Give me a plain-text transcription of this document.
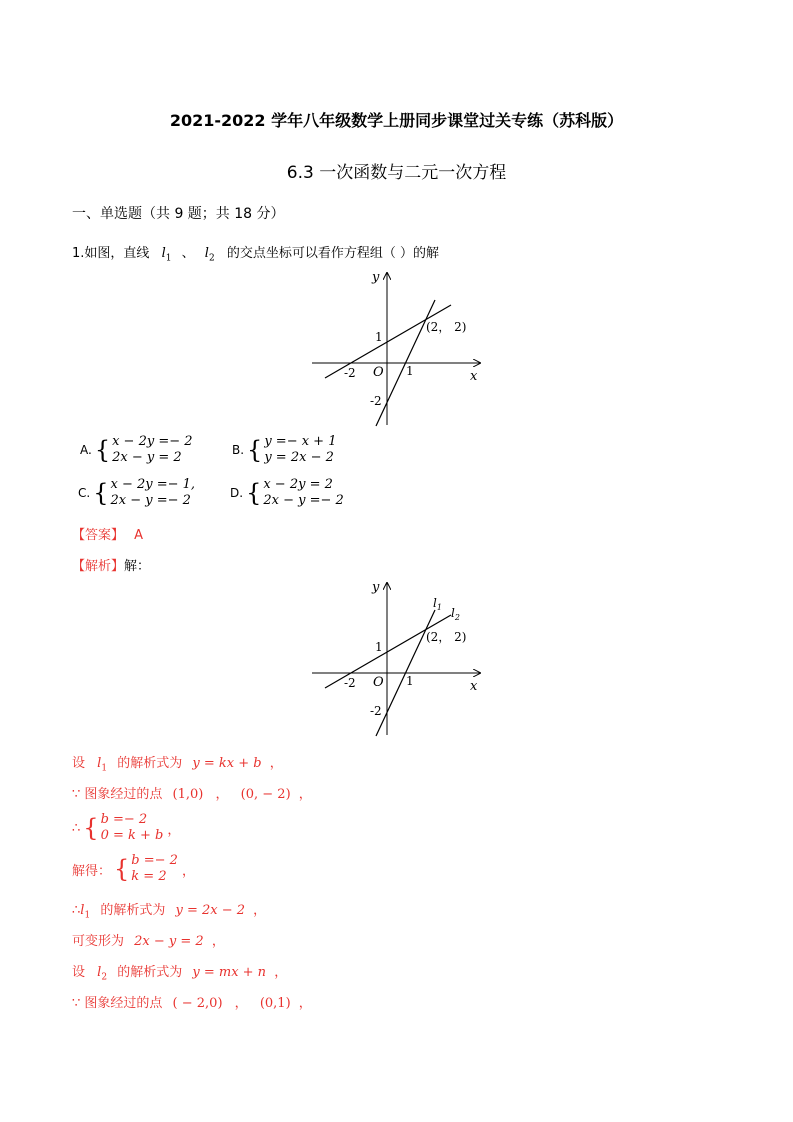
2021-2022 学年八年级数学上册同步课堂过关专练（苏科版）
6.3 一次函数与二元一次方程
一、单选题（共 9 题；共 18 分）
1.如图，直线 $l_1$ 、 $l_2$ 的交点坐标可以看作方程组（ ）的解
y
x
O
-2	1
1
-2
(2， 2)
A. { x − 2y =− 2
2x − y = 2	B. { y =− x + 1
y = 2x − 2
C. { x − 2y =− 1,
2x − y =− 2	D. { x − 2y = 2
2x − y =− 2
【答案】 A
【解析】解：
y
x
O
-2	1
1
-2
(2， 2)
$l_1$ $l_2$
设 $l_1$ 的解析式为 y = kx + b ，
∵ 图象经过的点 (1,0) ， (0, − 2) ，
∴ { b =− 2
0 = k + b ，
解得： { b =− 2
k = 2	，
$\therefore l_1$ 的解析式为 y = 2x − 2 ，
可变形为 2x − y = 2 ，
设 $l_2$ 的解析式为 y = mx + n ，
∵ 图象经过的点 ( − 2,0) ， (0,1) ，
